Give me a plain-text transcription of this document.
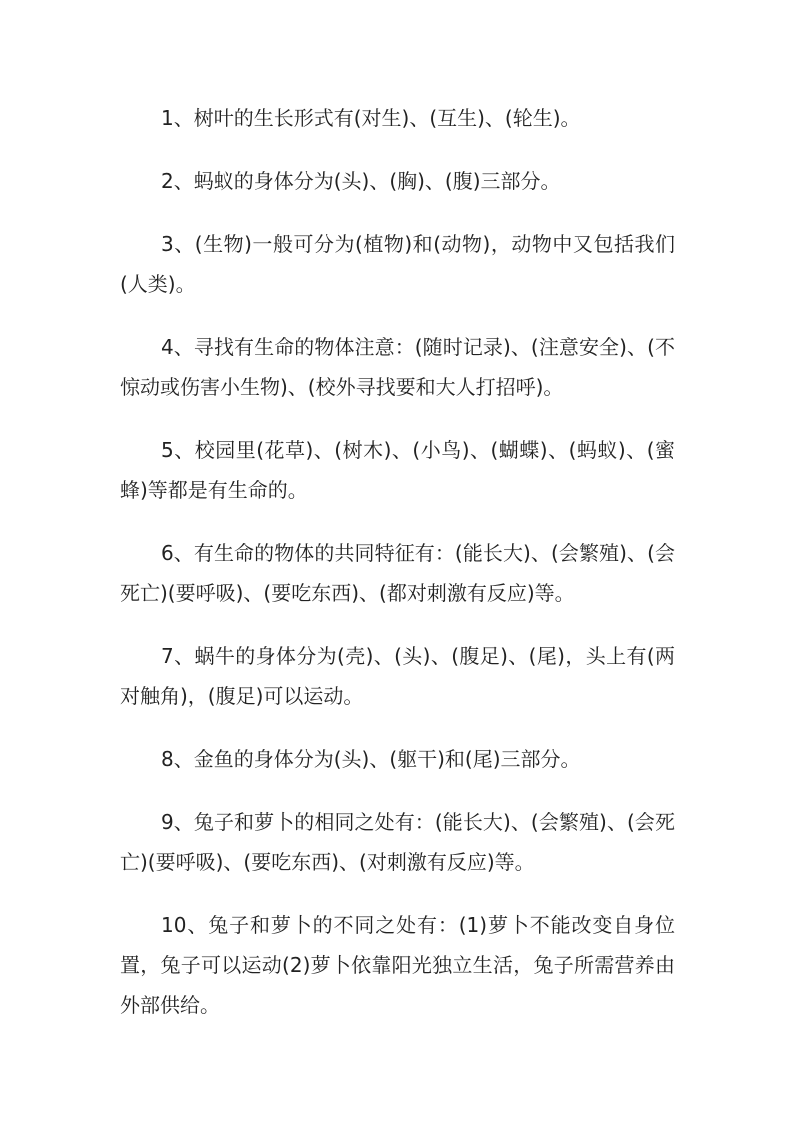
1、树叶的生长形式有(对生)、(互生)、(轮生)。

2、蚂蚁的身体分为(头)、(胸)、(腹)三部分。

3、(生物)一般可分为(植物)和(动物)，动物中又包括我们(人类)。

4、寻找有生命的物体注意：(随时记录)、(注意安全)、(不惊动或伤害小生物)、(校外寻找要和大人打招呼)。

5、校园里(花草)、(树木)、(小鸟)、(蝴蝶)、(蚂蚁)、(蜜蜂)等都是有生命的。

6、有生命的物体的共同特征有：(能长大)、(会繁殖)、(会死亡)(要呼吸)、(要吃东西)、(都对刺激有反应)等。

7、蜗牛的身体分为(壳)、(头)、(腹足)、(尾)，头上有(两对触角)，(腹足)可以运动。

8、金鱼的身体分为(头)、(躯干)和(尾)三部分。

9、兔子和萝卜的相同之处有：(能长大)、(会繁殖)、(会死亡)(要呼吸)、(要吃东西)、(对刺激有反应)等。

10、兔子和萝卜的不同之处有：(1)萝卜不能改变自身位置，兔子可以运动(2)萝卜依靠阳光独立生活，兔子所需营养由外部供给。
